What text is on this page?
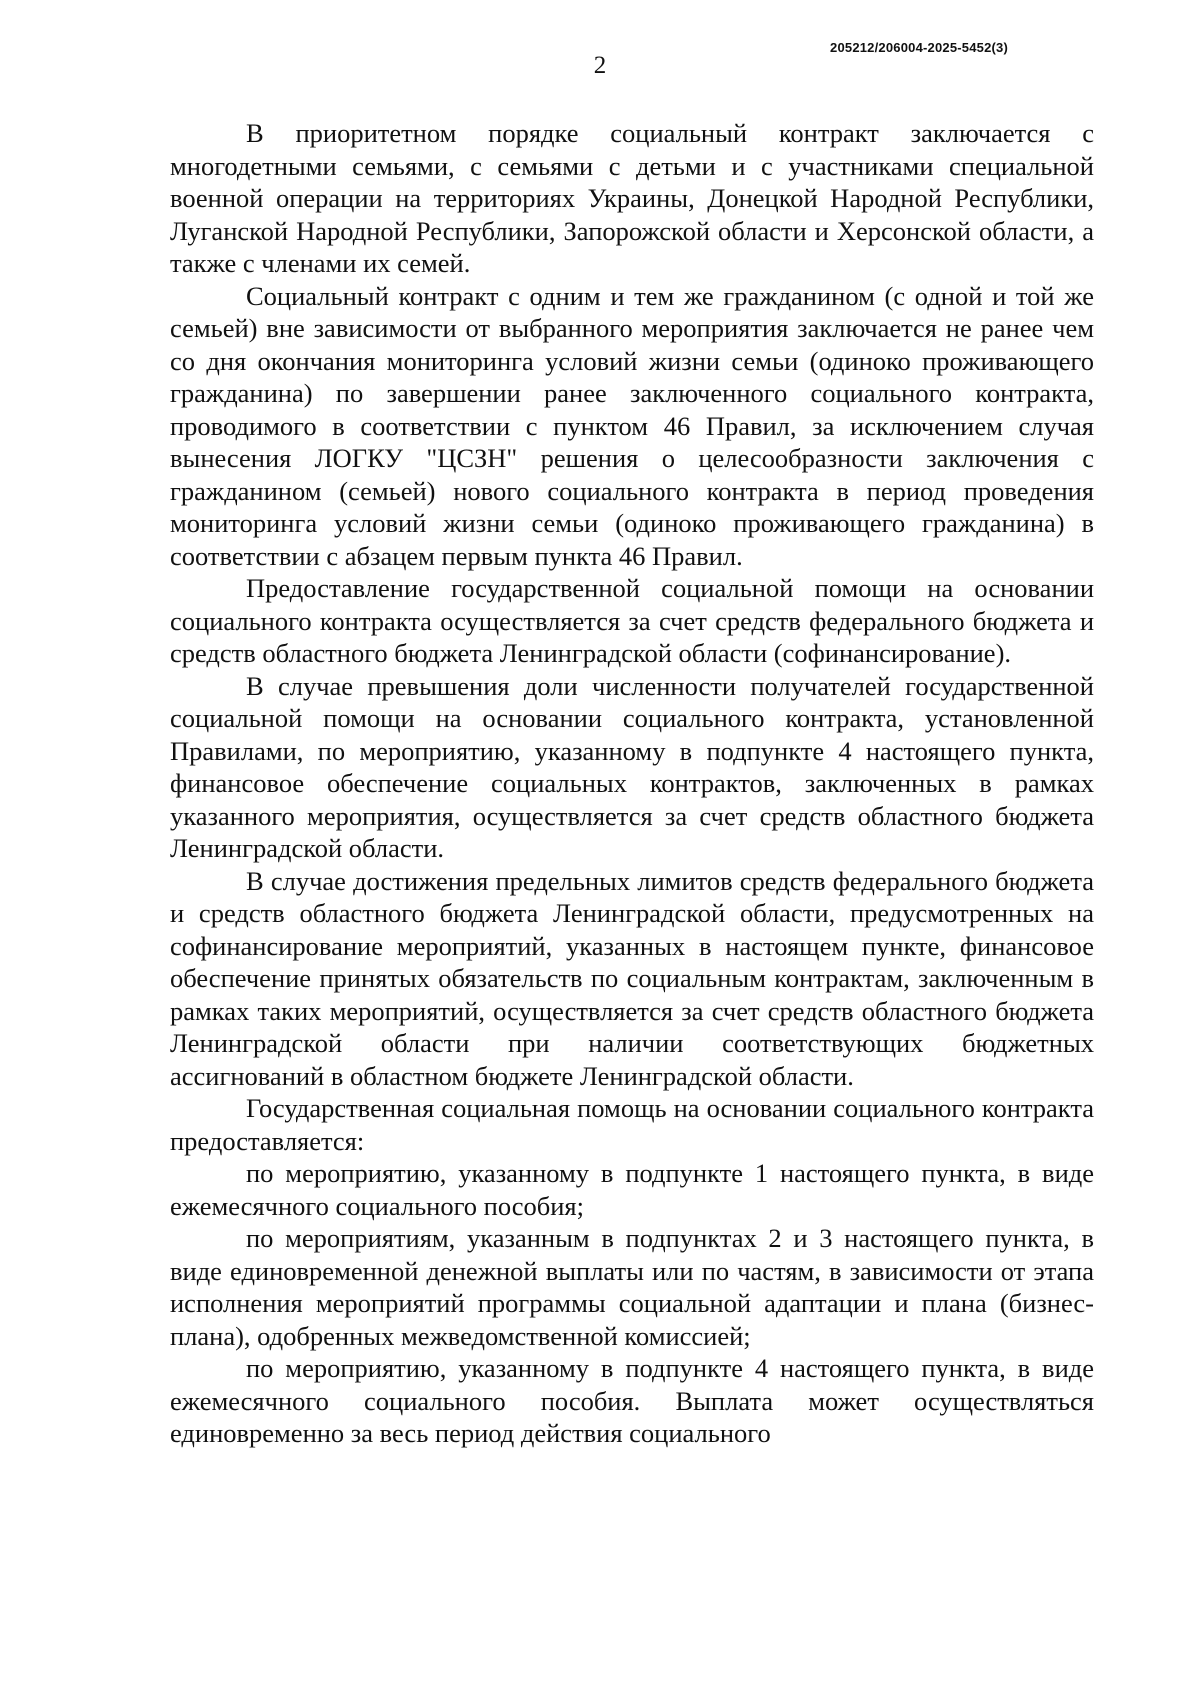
205212/206004-2025-5452(3)
2

В приоритетном порядке социальный контракт заключается с многодетными семьями, с семьями с детьми и с участниками специальной военной операции на территориях Украины, Донецкой Народной Республики, Луганской Народной Республики, Запорожской области и Херсонской области, а также с членами их семей.

Социальный контракт с одним и тем же гражданином (с одной и той же семьей) вне зависимости от выбранного мероприятия заключается не ранее чем со дня окончания мониторинга условий жизни семьи (одиноко проживающего гражданина) по завершении ранее заключенного социального контракта, проводимого в соответствии с пунктом 46 Правил, за исключением случая вынесения ЛОГКУ "ЦСЗН" решения о целесообразности заключения с гражданином (семьей) нового социального контракта в период проведения мониторинга условий жизни семьи (одиноко проживающего гражданина) в соответствии с абзацем первым пункта 46 Правил.

Предоставление государственной социальной помощи на основании социального контракта осуществляется за счет средств федерального бюджета и средств областного бюджета Ленинградской области (софинансирование).

В случае превышения доли численности получателей государственной социальной помощи на основании социального контракта, установленной Правилами, по мероприятию, указанному в подпункте 4 настоящего пункта, финансовое обеспечение социальных контрактов, заключенных в рамках указанного мероприятия, осуществляется за счет средств областного бюджета Ленинградской области.

В случае достижения предельных лимитов средств федерального бюджета и средств областного бюджета Ленинградской области, предусмотренных на софинансирование мероприятий, указанных в настоящем пункте, финансовое обеспечение принятых обязательств по социальным контрактам, заключенным в рамках таких мероприятий, осуществляется за счет средств областного бюджета Ленинградской области при наличии соответствующих бюджетных ассигнований в областном бюджете Ленинградской области.

Государственная социальная помощь на основании социального контракта предоставляется:

по мероприятию, указанному в подпункте 1 настоящего пункта, в виде ежемесячного социального пособия;

по мероприятиям, указанным в подпунктах 2 и 3 настоящего пункта, в виде единовременной денежной выплаты или по частям, в зависимости от этапа исполнения мероприятий программы социальной адаптации и плана (бизнес-плана), одобренных межведомственной комиссией;

по мероприятию, указанному в подпункте 4 настоящего пункта, в виде ежемесячного социального пособия. Выплата может осуществляться единовременно за весь период действия социального
